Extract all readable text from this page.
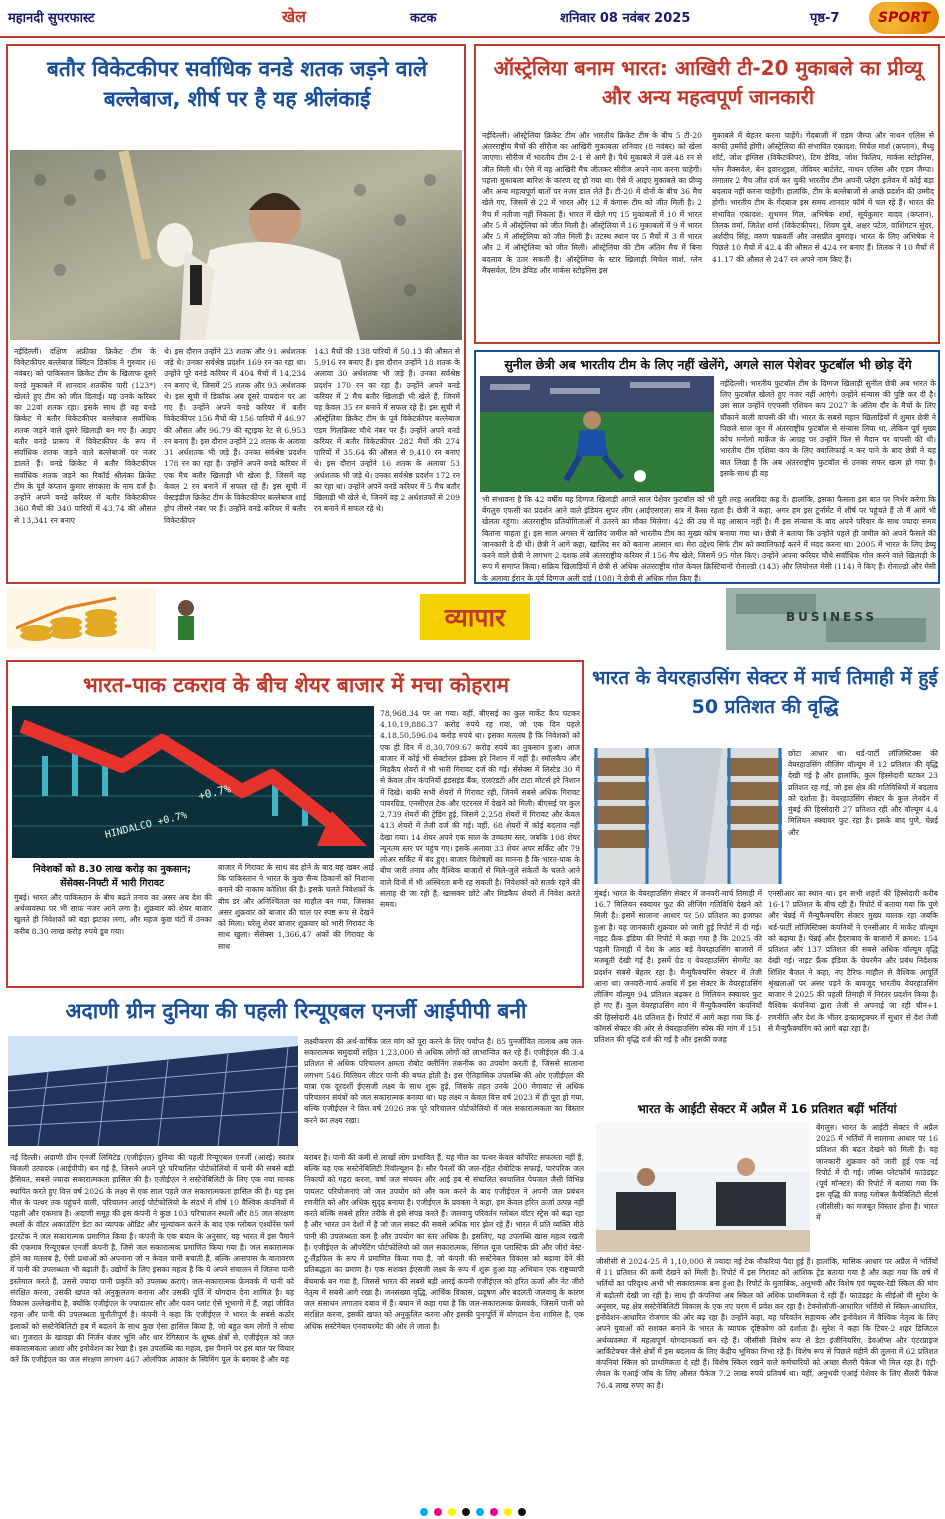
महानदी सुपरफास्ट	खेल	कटक	शनिवार 08 नवंबर 2025	पृष्ठ-7	SPORT
बतौर विकेटकीपर सर्वाधिक वनडे शतक जड़ने वाले बल्लेबाज, शीर्ष पर है यह श्रीलंकाई
नईदिल्ली। दक्षिण अफ्रीका क्रिकेट टीम के विकेटकीपर बल्लेबाज क्विंटन डिकॉक ने गुरुवार (6 नवंबर) को पाकिस्तान क्रिकेट टीम के खिलाफ दूसरे वनडे मुकाबले में शानदार शतकीय पारी (123*) खेलते हुए टीम को जीत दिलाई। यह उनके करियर का 22वां शतक रहा। इसके साथ ही वह वनडे क्रिकेट में बतौर विकेटकीपर बल्लेबाज सर्वाधिक शतक जड़ने वाले दूसरे खिलाड़ी बन गए हैं। आइए बतौर वनडे प्रारूप में विकेटकीपर के रूप में सर्वाधिक शतक जड़ने वाले बल्लेबाजों पर नजर डालते हैं। वनडे क्रिकेट में बतौर विकेटकीपर सर्वाधिक शतक जड़ने का रिकॉर्ड श्रीलंका क्रिकेट टीम के पूर्व कप्तान कुमार संगकारा के नाम दर्ज है। उन्होंने अपने वनडे करियर में बतौर विकेटकीपर 360 मैचों की 340 पारियों में 43.74 की औसत से 13,341 रन बनाए
थे। इस दौरान उन्होंने 23 शतक और 91 अर्धशतक जड़े थे। उनका सर्वश्रेष्ठ प्रदर्शन 169 रन का रहा था। उन्होंने पूरे वनडे करियर में 404 मैचों में 14,234 रन बनाए थे, जिसमें 25 शतक और 93 अर्धशतक थे। इस सूची में डिकॉक अब दूसरे पायदान पर आ गए हैं। उन्होंने अपने वनडे करियर में बतौर विकेटकीपर 156 मैचों की 156 पारियों में 46.97 की औसत और 96.79 की स्ट्राइक रेट से 6,953 रन बनाए हैं। इस दौरान उन्होंने 22 शतक के अलावा 31 अर्धशतक भी जड़े हैं। उनका सर्वश्रेष्ठ प्रदर्शन 178 रन का रहा है। उन्होंने अपने वनडे करियर में एक मैच बतौर खिलाड़ी भी खेला है, जिसमें वह केवल 2 रन बनाने में सफल रहे हैं। इस सूची में वेस्टइंडीज क्रिकेट टीम के विकेटकीपर बल्लेबाज शाई होप तीसरे नंबर पर हैं। उन्होंने वनडे करियर में बतौर विकेटकीपर
143 मैचों की 138 पारियों में 50.13 की औसत से 5,916 रन बनाए हैं। इस दौरान उन्होंने 18 शतक के अलावा 30 अर्धशतक भी जड़े हैं। उनका सर्वश्रेष्ठ प्रदर्शन 170 रन का रहा है। उन्होंने अपने वनडे करियर में 2 मैच बतौर खिलाड़ी भी खेले हैं, जिनमें वह केवल 35 रन बनाने में सफल रहे हैं। इस सूची में ऑस्ट्रेलिया क्रिकेट टीम के पूर्व विकेटकीपर बल्लेबाज एडम गिलक्रिस्ट चौथे नंबर पर हैं। उन्होंने अपने वनडे करियर में बतौर विकेटकीपर 282 मैचों की 274 पारियों में 35.64 की औसत से 9,410 रन बनाए थे। इस दौरान उन्होंने 16 शतक के अलावा 53 अर्धशतक भी जड़े थे। उनका सर्वश्रेष्ठ प्रदर्शन 172 रन का रहा था। उन्होंने अपने वनडे करियर में 5 मैच बतौर खिलाड़ी भी खेले थे, जिनमें वह 2 अर्धशतकों से 209 रन बनाने में सफल रहे थे।
ऑस्ट्रेलिया बनाम भारत: आखिरी टी-20 मुकाबले का प्रीव्यू और अन्य महत्वपूर्ण जानकारी
नईदिल्ली। ऑस्ट्रेलिया क्रिकेट टीम और भारतीय क्रिकेट टीम के बीच 5 टी-20 अंतरराष्ट्रीय मैचों की सीरीज का आखिरी मुकाबला शनिवार (8 नवंबर) को खेला जाएगा। सीरीज में भारतीय टीम 2-1 से आगे है। पैथे मुकाबले में उसे 48 रन से जीत मिली थी। ऐसे में वह आखिरी मैच जीतकर सीरीज अपने नाम करना चाहेगी। पहला मुकाबला बारिश के कारण रद्द हो गया था। ऐसे में आइए मुकाबले का प्रीव्यू और अन्य महत्वपूर्ण बातों पर नजर डाल लेते हैं। टी-20 में दोनों के बीच 36 मैच खेले गए, जिसमें से 22 में भारत और 12 में कंगारू टीम को जीत मिली है। 2 मैच में नतीजा नहीं निकला है। भारत में खेले गए 15 मुकाबलों में 10 में भारत और 5 में ऑस्ट्रेलिया को जीत मिली है। ऑस्ट्रेलिया में 16 मुकाबलों में 9 में भारत और 5 में ऑस्ट्रेलिया को जीत मिली है। तटस्थ स्थान पर 5 मैचों में 3 में भारत और 2 में ऑस्ट्रेलिया को जीत मिली। ऑस्ट्रेलिया की टीम अंतिम मैच में बिना बदलाव के उतर सकती है। ऑस्ट्रेलिया के स्टार खिलाड़ी मिचेल मार्श, ग्लेन मैक्सवेल, टिम डेविड और मार्कस स्टोइनिस इस
मुकाबले में बेहतर करना चाहेंगे। गेंदबाजी में एडम जैम्पा और नाथन एलिस से काफी उम्मीदें होंगी। ऑस्ट्रेलिया की संभावित एकादश: मिचेल मार्श (कप्तान), मैथ्यू शॉर्ट, जोश इंग्लिस (विकेटकीपर), टिम डेविड, जोश फिलिप, मार्कस स्टोइनिस, ग्लेन मैक्सवेल, बेन ड्वारशुइस, जेवियर बार्टलेट, नाथन एलिस और एडम जैम्पा। लगातार 2 मैच जीत दर्ज कर चुकी भारतीय टीम अपनी प्लेइंग इलेवन में कोई बड़ा बदलाव नहीं करना चाहेगी। हालांकि, टीम के बल्लेबाजों से अच्छे प्रदर्शन की उम्मीद होगी। भारतीय टीम के गेंदबाज इस समय शानदार फॉर्म में चल रहे हैं। भारत की संभावित एकादश: शुभमन गिल, अभिषेक शर्मा, सूर्यकुमार यादव (कप्तान), तिलक वर्मा, जितेश शर्मा (विकेटकीपर), शिवम दुबे, अक्षर पटेल, वाशिंगटन सुंदर, अर्शदीप सिंह, वरुण चक्रवर्ती और जसप्रीत बुमराह। भारत के लिए अभिषेक ने पिछले 10 मैचों में 42.4 की औसत से 424 रन बनाए हैं। तिलक ने 10 मैचों में 41.17 की औसत से 247 रन अपने नाम किए हैं।
सुनील छेत्री अब भारतीय टीम के लिए नहीं खेलेंगे, अगले साल पेशेवर फुटबॉल भी छोड़ देंगे
नईदिल्ली। भारतीय फुटबॉल टीम के दिग्गज खिलाड़ी सुनील छेत्री अब भारत के लिए फुटबॉल खेलते हुए नजर नहीं आएंगे। उन्होंने संन्यास की पुष्टि कर दी है। उस साल उन्होंने एएफसी एशियन कप 2027 के अंतिम दौर के मैचों के लिए चौंकाने वाली वापसी की थी। भारत के सबसे महान खिलाड़ियों में शुमार छेत्री ने पिछले साल जून में अंतरराष्ट्रीय फुटबॉल से संन्यास लिया था, लेकिन पूर्व मुख्य कोच मनोलो मार्केज के आग्रह पर उन्होंने फिर से मैदान पर वापसी की थी। भारतीय टीम एशिया कप के लिए क्वालिफाई न कर पाने के बाद छेत्री ने यह बात लिखा है कि अब अंतरराष्ट्रीय फुटबॉल से उनका सफर खत्म हो गया है। इसके साथ ही वह
भी संभावना है कि 42 वर्षीय यह दिग्गज खिलाड़ी अगले साल पेशेवर फुटबॉल को भी पूरी तरह अलविदा कह दें। हालांकि, इसका फैसला इस बात पर निर्भर करेगा कि बेंगलुरु एफसी का प्रदर्शन आने वाले इंडियन सुपर लीग (आईएसएल) सत्र में कैसा रहता है। छेत्री ने कहा, अगर हम इस टूर्नामेंट में शीर्ष पर पहुंचते हैं तो मैं आगे भी खेलता रहूंगा। अंतरराष्ट्रीय प्रतियोगिताओं में उतरने का मौका मिलेगा। 42 की उम्र में यह आसान नहीं है। मैं इस संन्यास के बाद अपने परिवार के साथ ज्यादा समय बिताना चाहता हूं। इस साल अगस्त में खालिद जमील को भारतीय टीम का मुख्य कोच बनाया गया था। छेत्री ने बताया कि उन्होंने पहले ही जमील को अपने फैसले की जानकारी दे दी थी। छेत्री ने आगे कहा, खालिद सर को बताना आसान था। मेरा उद्देश्य सिर्फ टीम को क्वालिफाई करने में मदद करना था। 2005 में भारत के लिए डेब्यू करने वाले छेत्री ने लगभग 2 दशक लंबे अंतरराष्ट्रीय करियर में 156 मैच खेले, जिसमें 95 गोल किए। उन्होंने अपना करियर चौथे सर्वाधिक गोल करने वाले खिलाड़ी के रूप में समाप्त किया। सक्रिय खिलाड़ियों में छेत्री से अधिक अंतरराष्ट्रीय गोल केवल क्रिस्टियानो रोनाल्डो (143) और लियोनल मेसी (114) ने किए हैं। रोनाल्डो और मेसी के अलावा ईरान के पूर्व दिग्गज अली दाई (108) ने छेत्री से अधिक गोल किए हैं।
BUSINESS
व्यापार
भारत-पाक टकराव के बीच शेयर बाजार में मचा कोहराम
HINDALCO +0.7%
+0.7%
78,968.34 पर आ गया। वहीं, बीएसई का कुल मार्केट कैप घटकर 4,10,19,886.37 करोड़ रुपये रह गया, जो एक दिन पहले 4,18,50,596.04 करोड़ रुपये था। इसका मतलब है कि निवेशकों को एक ही दिन में 8,30,709.67 करोड़ रुपये का नुकसान हुआ। आज बाजार में कोई भी सेक्टोरल इंडेक्स हरे निशान में नहीं है। स्मॉलकैप और मिडकैप शेयरों में भी भारी गिरावट दर्ज की गई। सेंसेक्स में लिस्टेड 30 में से केवल तीन कंपनियों इंडसइंड बैंक, एलएंडटी और टाटा मोटर्स हरे निशान में दिखे। बाकी सभी शेयरों में गिरावट रही, जिनमें सबसे अधिक गिरावट पावरग्रिड, एनसीएल टेक और एटरनल में देखने को मिली। बीएसई पर कुल 2,739 शेयरों की ट्रेडिंग हुई, जिसमें 2,258 शेयरों में गिरावट और केवल 413 शेयरों में तेजी दर्ज की गई। वहीं, 68 शेयरों में कोई बदलाव नहीं देखा गया। 14 शेयर अपने एक साल के उच्चतम स्तर, जबकि 108 शेयर न्यूनतम स्तर पर पहुंच गए। इसके अलावा 33 शेयर अपर सर्किट और 79 लोअर सर्किट में बंद हुए। बाजार विशेषज्ञों का मानना है कि भारत-पाक के बीच जारी तनाव और वैश्विक बाजारों से मिले-जुले संकेतों के चलते आने वाले दिनों में भी अस्थिरता बनी रह सकती है। निवेशकों को सतर्क रहने की सलाह दी जा रही है, खासकर छोटे और मिडकैप शेयरों में निवेश करते समय।
निवेशकों को 8.30 लाख करोड़ का नुकसान;
सेंसेक्स-निफ्टी में भारी गिरावट
मुंबई। भारत और पाकिस्तान के बीच बढ़ते तनाव का असर अब देश की अर्थव्यवस्था पर भी साफ नजर आने लगा है। शुक्रवार को शेयर बाजार खुलते ही निवेशकों को बड़ा झटका लगा, और महज कुछ घंटों में उनका करीब 8.30 लाख करोड़ रुपये डूब गया।
बाजार में गिरावट के साथ बंद होने के बाद यह खबर आई कि पाकिस्तान ने भारत के कुछ सैन्य ठिकानों को निशाना बनाने की नाकाम कोशिश की है। इसके चलते निवेशकों के बीच डर और अनिश्चितता का माहौल बन गया, जिसका असर शुक्रवार को बाजार की चाल पर स्पष्ट रूप से देखने को मिला। घरेलू शेयर बाजार शुक्रवार को भारी गिरावट के साथ खुला। सेंसेक्स 1,366.47 अंकों की गिरावट के साथ
भारत के वेयरहाउसिंग सेक्टर में मार्च तिमाही में हुई 50 प्रतिशत की वृद्धि
छोटा आधार था। थर्ड-पार्टी लॉजिस्टिक्स की वेयरहाउसिंग लीजिंग वॉल्यूम में 12 प्रतिशत की वृद्धि देखी गई है और हालांकि, कुल हिस्सेदारी घटकर 23 प्रतिशत रह गई, जो इस क्षेत्र की गतिविधियों में बदलाव को दर्शाता है। वेयरहाउसिंग सेक्टर के कुल लेनदेन में मुंबई की हिस्सेदारी 27 प्रतिशत रही और वॉल्यूम 4.4 मिलियन स्क्वायर फुट रहा है। इसके बाद पुणे, चेन्नई और
मुंबई। भारत के वेयरहाउसिंग सेक्टर में जनवरी-मार्च तिमाही में 16.7 मिलियन स्क्वायर फुट की लीजिंग गतिविधि देखने को मिली है। इसमें सालाना आधार पर 50 प्रतिशत का इजाफा हुआ है। यह जानकारी शुक्रवार को जारी हुई रिपोर्ट में दी गई। नाइट फ्रैंक इंडिया की रिपोर्ट में कहा गया है कि 2025 की पहली तिमाही में देश के आठ बड़े वेयरहाउसिंग बाजारों में मजबूती देखी गई है। इसमें ग्रेड ए वेयरहाउसिंग सेगमेंट का प्रदर्शन सबसे बेहतर रहा है। मैन्युफैक्चरिंग सेक्टर में तेजी आना था। जनवरी-मार्च अवधि में इस सेक्टर के वेयरहाउसिंग लीजिंग वॉल्यूम 94 प्रतिशत बढ़कर 8 मिलियन स्क्वायर फुट हो गए हैं। कुल वेयरहाउसिंग मांग में मैन्युफैक्चरिंग कंपनियों की हिस्सेदारी 48 प्रतिशत है। रिपोर्ट में आगे कहा गया कि ई-कॉमर्स सेक्टर की ओर से वेयरहाउसिंग स्पेस की मांग में 151 प्रतिशत की वृद्धि दर्ज की गई है और इसकी वजह
एनसीआर का स्थान था। इन सभी शहरों की हिस्सेदारी करीब 16-17 प्रतिशत के बीच रही है। रिपोर्ट में बताया गया कि पुणे और चेन्नई में मैन्युफैक्चरिंग सेक्टर मुख्य चालक रहा जबकि थर्ड-पार्टी लॉजिस्टिक्स कंपनियों ने एनसीआर में मार्केट वॉल्यूम को बढ़ाया है। चेन्नई और हैदराबाद के बाजारों में क्रमश: 154 प्रतिशत और 137 प्रतिशत की सबसे अधिक वॉल्यूम वृद्धि देखी गई। नाइट फ्रैंक इंडिया के चेयरमैन और प्रबंध निदेशक शिशिर बैजल ने कहा, नए टैरिफ माहौल से वैश्विक आपूर्ति श्रृंखलाओं पर असर पड़ने के बावजूद भारतीय वेयरहाउसिंग बाजार ने 2025 की पहली तिमाही में निरंतर प्रदर्शन किया है। वैश्विक कंपनियां द्वारा तेजी से अपनाई जा रही चीन+1 रणनीति और देश के भीतर इन्फ्रास्ट्रक्चर में सुधार से देश तेजी से मैन्युफैक्चरिंग को आगे बढ़ा रहा है।
अदाणी ग्रीन दुनिया की पहली रिन्यूएबल एनर्जी आईपीपी बनी
लक्ष्यीकरण की अर्थ-वार्षिक जल मांग को पूरा करने के लिए पर्याप्त है। 85 पुनर्जीवित तालाब अब जल-सकारात्मक समुदायों सहित 1,23,000 से अधिक लोगों को लाभान्वित कर रहे हैं। एजीईएल की 3.4 प्रतिशत से अधिक परिचालन क्षमता रोबोट क्लीनिंग तकनीक का उपयोग करती है, जिससे सालाना लगभग 546 मिलियन लीटर पानी की बचत होती है। इस ऐतिहासिक उपलब्धि की ओर एजीईएल की यात्रा एक दूरदर्शी ईएसजी लक्ष्य के साथ शुरू हुई, जिसके तहत उनके 200 मेगावाट से अधिक परिचालन संयंत्रों को जल सकारात्मक बनाया था। यह लक्ष्य न केवल वित्त वर्ष 2023 में ही पूरा हो गया, बल्कि एजीईएल ने वित्त वर्ष 2026 तक पूरे परिचालन पोर्टफोलियो में जल सकारात्मकता का विस्तार करने का लक्ष्य रखा।
नई दिल्ली। अदाणी ग्रीन एनर्जी लिमिटेड (एजीईएल) दुनिया की पहली रिन्यूएबल एनर्जी (आरई) स्वतंत्र बिजली उत्पादक (आईपीपी) बन गई है, जिसने अपने पूरे परिचालित पोर्टफोलियो में पानी की सबसे बड़ी हैसियत, सबसे ज्यादा सकारात्मकता हासिल की है। एजीईएल ने सस्टेनेबिलिटी के लिए एक नया मानक स्थापित करते हुए वित्त वर्ष 2026 के लक्ष्य से एक साल पहले जल सकारात्मकता हासिल की है। यह इस मील के पत्थर तक पहुंचने वाली, परिचालन आरई पोर्टफोलियो के संदर्भ में शीर्ष 10 वैश्विक कंपनियों में पहली और एकमात्र है। अदाणी समूह की इस कंपनी ने कुछ 103 परिचालन स्थलों और 85 जल संरक्षण स्थलों के वॉटर अकाउंटिंग डेटा का व्यापक ऑडिट और मूल्यांकन करने के बाद एक ग्लोबल एश्योरेंस फर्म इंटरटेक ने जल सकारात्मक प्रमाणित किया है। कंपनी के एक बयान के अनुसार, यह भारत में इस पैमाने की एकमात्र रिन्यूएबल एनर्जी कंपनी है, जिसे जल सकारात्मक प्रमाणित किया गया है। जल सकारात्मक होने का मतलब है, ऐसी प्रथाओं को अपनाना जो न केवल पानी बचाती हैं, बल्कि आसपास के वातावरण में पानी की उपलब्धता भी बढ़ाती हैं। उद्योगों के लिए इसका महत्व है कि ये अपने संचालन में जितना पानी इस्तेमाल करते हैं, उससे ज्यादा पानी प्रकृति को उपलब्ध कराएं। जल-सकारात्मक फ्रेमवर्क में पानी को संरक्षित करना, उसकी खपत को अनुकूलतम बनाना और उसकी पूर्ति में योगदान देना शामिल है। यह विकास उल्लेखनीय है, क्योंकि एजीईएल के ज्यादातर सौर और पवन प्लांट ऐसे भूभागों में हैं, जहां जीवित रहना और पानी की उपलब्धता चुनौतीपूर्ण है। कंपनी ने कहा कि एजीईएल ने भारत के सबसे कठोर इलाकों को सस्टेनेबिलिटी हब में बदलने के साथ कुछ ऐसा हासिल किया है, जो बहुत कम लोगों ने सोचा था। गुजरात के खावड़ा की निर्जन बंजर भूमि और थार रेगिस्तान के शुष्क क्षेत्रों से, एजीईएल को जल सकारात्मकता आशा और इनोवेशन का रेखा है। इस उपलब्धि का महत्व, इस पैमाने पर इस बात पर विचार करें कि एजीईएल का जल संरक्षण लगभग 467 ओलंपिक आकार के स्विमिंग पूल के बराबर है और यह
बराबर है। पानी की कमी से लाखों लोग प्रभावित हैं, यह मील का पत्थर केवल कॉर्पोरेट सफलता नहीं है, बल्कि यह एक सस्टेनेबिलिटी रिवॉल्यूशन है। सौर पैनलों की जल-रहित रोबोटिक सफाई, पारंपरिक जल निकायों को गहरा करना, वर्षा जल संचयन और आई हब से संचालित स्वचालित पेयजल जैसी विभिन्न पायलट परियोजनाएं जो जल उपयोग को और कम करने के बाद एजीईएल ने अपनी जल प्रबंधन रणनीति को और अधिक सुदृढ़ बनाया है। एजीईएल के प्रवक्ता ने कहा, हम केवल हरित ऊर्जा उत्पन्न नहीं करते बल्कि सबसे हरित तरीके से इसे संपन्न करते हैं। जलवायु परिवर्तन ग्लोबल वॉटर स्ट्रेस को बढ़ा रहा है और भारत उन देशों में है जो जल संकट की सबसे अधिक मार झेल रहे हैं। भारत में प्रति व्यक्ति मीठे पानी की उपलब्धता कम है और उपयोग का स्तर अधिक है। इसलिए, यह उपलब्धि खास महत्व रखती है। एजीईएल के ऑपरेटिंग पोर्टफोलियो को जल सकारात्मक, सिंगल यूज प्लास्टिक फ्री और जीरो वेस्ट-टू-लैंडफिल के रूप में प्रमाणित किया गया है, जो कंपनी की सस्टेनेबल विकास को बढ़ावा देने की प्रतिबद्धता का प्रमाण है। एक सशक्त ईएसजी लक्ष्य के रूप में शुरू हुआ यह अभियान एक राष्ट्रव्यापी बेंचमार्क बन गया है, जिससे भारत की सबसे बड़ी आरई कंपनी एजीईएल को हरित ऊर्जा और नेट जीरो नेतृत्व में सबसे आगे रखा है। जनसंख्या वृद्धि, आर्थिक विकास, प्रदूषण और बदलती जलवायु के कारण जल संसाधन लगातार दबाव में हैं। बयान में कहा गया है कि जल-सकारात्मक फ्रेमवर्क, जिसमें पानी को संरक्षित करना, इसकी खपत को अनुकूलित करना और इसकी पुनःपूर्ति में योगदान देना शामिल है, एक अधिक सस्टेनेबल एनवायरमेंट की ओर ले जाता है।
भारत के आईटी सेक्टर में अप्रैल में 16 प्रतिशत बढ़ीं भर्तियां
बेंगलुरु। भारत के आईटी सेक्टर में अप्रैल 2025 में भर्तियों में सालाना आधार पर 16 प्रतिशत की बढ़त देखने को मिली है। यह जानकारी शुक्रवार को जारी हुई एक नई रिपोर्ट में दी गई। जॉब्स प्लेटफॉर्म फाउंडइट (पूर्व मॉन्स्टर) की रिपोर्ट में बताया गया कि इस वृद्धि की वजह ग्लोबल कैपेबिलिटी सेंटर्स (जीसीसी) का मजबूत विस्तार होना है। भारत में
जीसीसी से 2024-25 में 1,10,000 से ज्यादा नई टेक नौकरियां पैदा हुई हैं। हालांकि, मासिक आधार पर अप्रैल में भर्तियों में 11 प्रतिशत की कमी देखने को मिली है। रिपोर्ट में इस गिरावट को आंशिक ट्रेंड बताया गया है और कहा गया कि वर्ष में भर्तियों का परिदृश्य अभी भी सकारात्मक बना हुआ है। रिपोर्ट के मुताबिक, अनुभवी और विशेष एवं फ्यूचर-रेडी स्किल की मांग में बढ़ोतरी देखी जा रही है। साथ ही कंपनियां अब स्किल को अधिक प्राथमिकता दे रही हैं। फाउंडइट के सीईओ वी सुरेश के अनुसार, यह क्षेत्र सस्टेनेबिलिटी विकास के एक नए चरण में प्रवेश कर रहा है। टेक्नोलॉजी-आधारित भर्तियों से स्किल-आधारित, इनोवेशन-आधारित रोजगार की ओर बढ़ रहा है। उन्होंने कहा, यह परिवर्तन सहायक और इनोवेशन में वैश्विक नेतृत्व के लिए अपने युवाओं को सशक्त बनाने के भारत के व्यापक दृष्टिकोण को दर्शाता है। सुरेश ने कहा कि टियर-2 शहर डिजिटल अर्थव्यवस्था में महत्वपूर्ण योगदानकर्ता बन रहे हैं। जीसीसी विशेष रूप से डेटा इंजीनियरिंग, डेवऑप्स और एंटरप्राइज आर्किटेक्चर जैसे क्षेत्रों में इस बदलाव के लिए केंद्रीय भूमिका निभा रहे हैं। विशेष रूप से पिछले महीने की तुलना में 62 प्रतिशत कंपनियां स्किल को प्राथमिकता दे रही हैं। विशेष स्किल रखने वाले कर्मचारियों को अच्छा सैलरी पैकेज भी मिल रहा है। एंट्री-लेवल के एआई जॉब के लिए औसत पैकेज 7.2 लाख रुपये प्रतिवर्ष था। वहीं, अनुभवी एआई पेशेवर के लिए सैलरी पैकेज 76.4 लाख रुपए का है।
